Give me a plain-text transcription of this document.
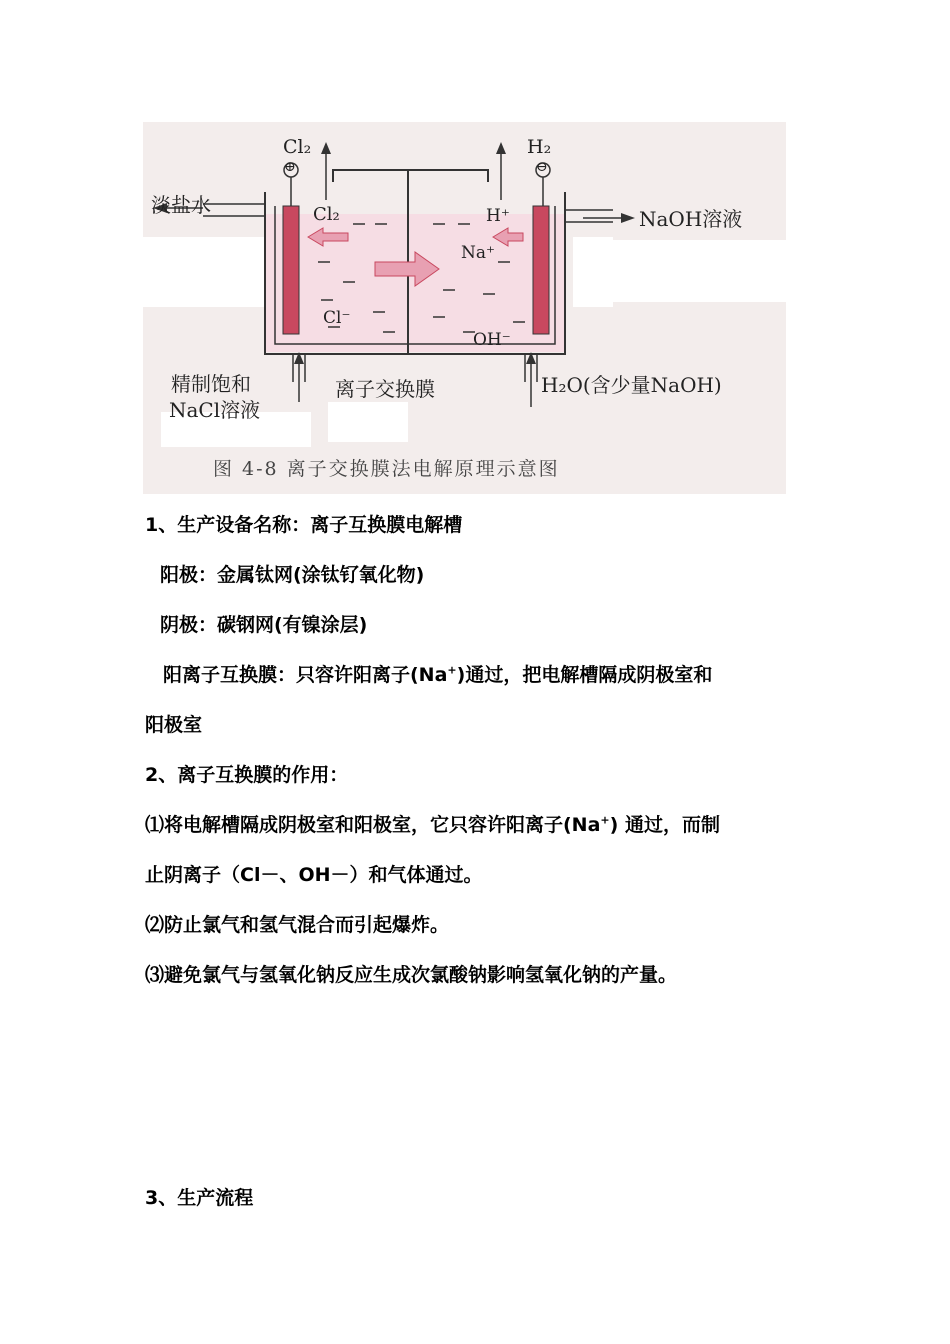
Cl₂	H₂
⊕	⊖
淡盐水
NaOH溶液
Cl₂	H⁺
Na⁺
Cl⁻
OH⁻
精制饱和
NaCl溶液
离子交换膜	H₂O(含少量NaOH)
图 4-8 离子交换膜法电解原理示意图
1、生产设备名称：离子互换膜电解槽
阳极：金属钛网(涂钛钌氧化物)
阴极：碳钢网(有镍涂层)
阳离子互换膜：只容许阳离子(Na+)通过，把电解槽隔成阴极室和
阳极室
2、离子互换膜的作用：
⑴将电解槽隔成阴极室和阳极室，它只容许阳离子(Na+) 通过，而制
止阴离子（Cl－、OH－）和气体通过。
⑵防止氯气和氢气混合而引起爆炸。
⑶避免氯气与氢氧化钠反应生成次氯酸钠影响氢氧化钠的产量。
3、生产流程
